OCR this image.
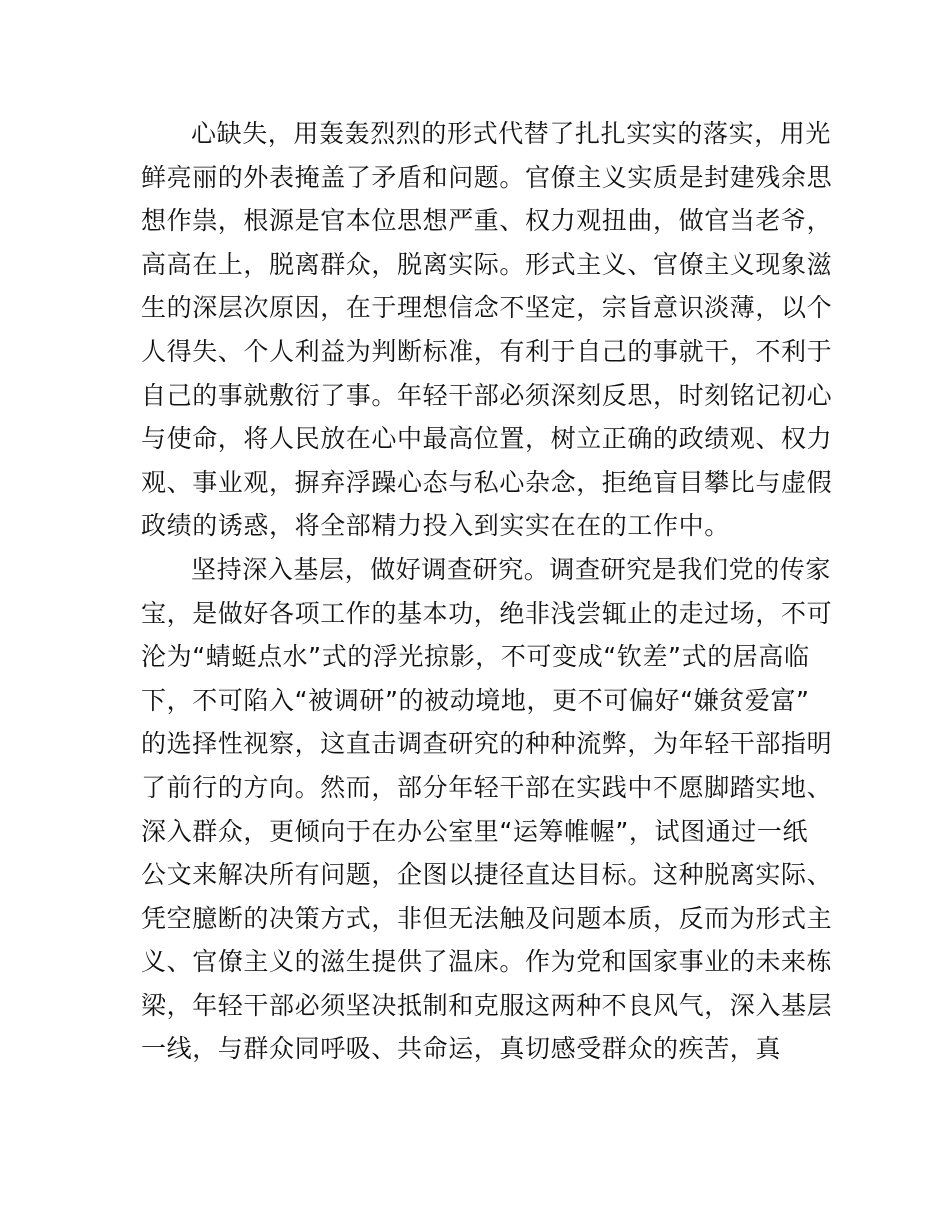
心缺失，用轰轰烈烈的形式代替了扎扎实实的落实，用光
鲜亮丽的外表掩盖了矛盾和问题。官僚主义实质是封建残余思
想作祟，根源是官本位思想严重、权力观扭曲，做官当老爷，
高高在上，脱离群众，脱离实际。形式主义、官僚主义现象滋
生的深层次原因，在于理想信念不坚定，宗旨意识淡薄，以个
人得失、个人利益为判断标准，有利于自己的事就干，不利于
自己的事就敷衍了事。年轻干部必须深刻反思，时刻铭记初心
与使命，将人民放在心中最高位置，树立正确的政绩观、权力
观、事业观，摒弃浮躁心态与私心杂念，拒绝盲目攀比与虚假
政绩的诱惑，将全部精力投入到实实在在的工作中。
坚持深入基层，做好调查研究。调查研究是我们党的传家
宝，是做好各项工作的基本功，绝非浅尝辄止的走过场，不可
沦为“蜻蜓点水”式的浮光掠影，不可变成“钦差”式的居高临
下，不可陷入“被调研”的被动境地，更不可偏好“嫌贫爱富”
的选择性视察，这直击调查研究的种种流弊，为年轻干部指明
了前行的方向。然而，部分年轻干部在实践中不愿脚踏实地、
深入群众，更倾向于在办公室里“运筹帷幄”，试图通过一纸
公文来解决所有问题，企图以捷径直达目标。这种脱离实际、
凭空臆断的决策方式，非但无法触及问题本质，反而为形式主
义、官僚主义的滋生提供了温床。作为党和国家事业的未来栋
梁，年轻干部必须坚决抵制和克服这两种不良风气，深入基层
一线，与群众同呼吸、共命运，真切感受群众的疾苦，真
